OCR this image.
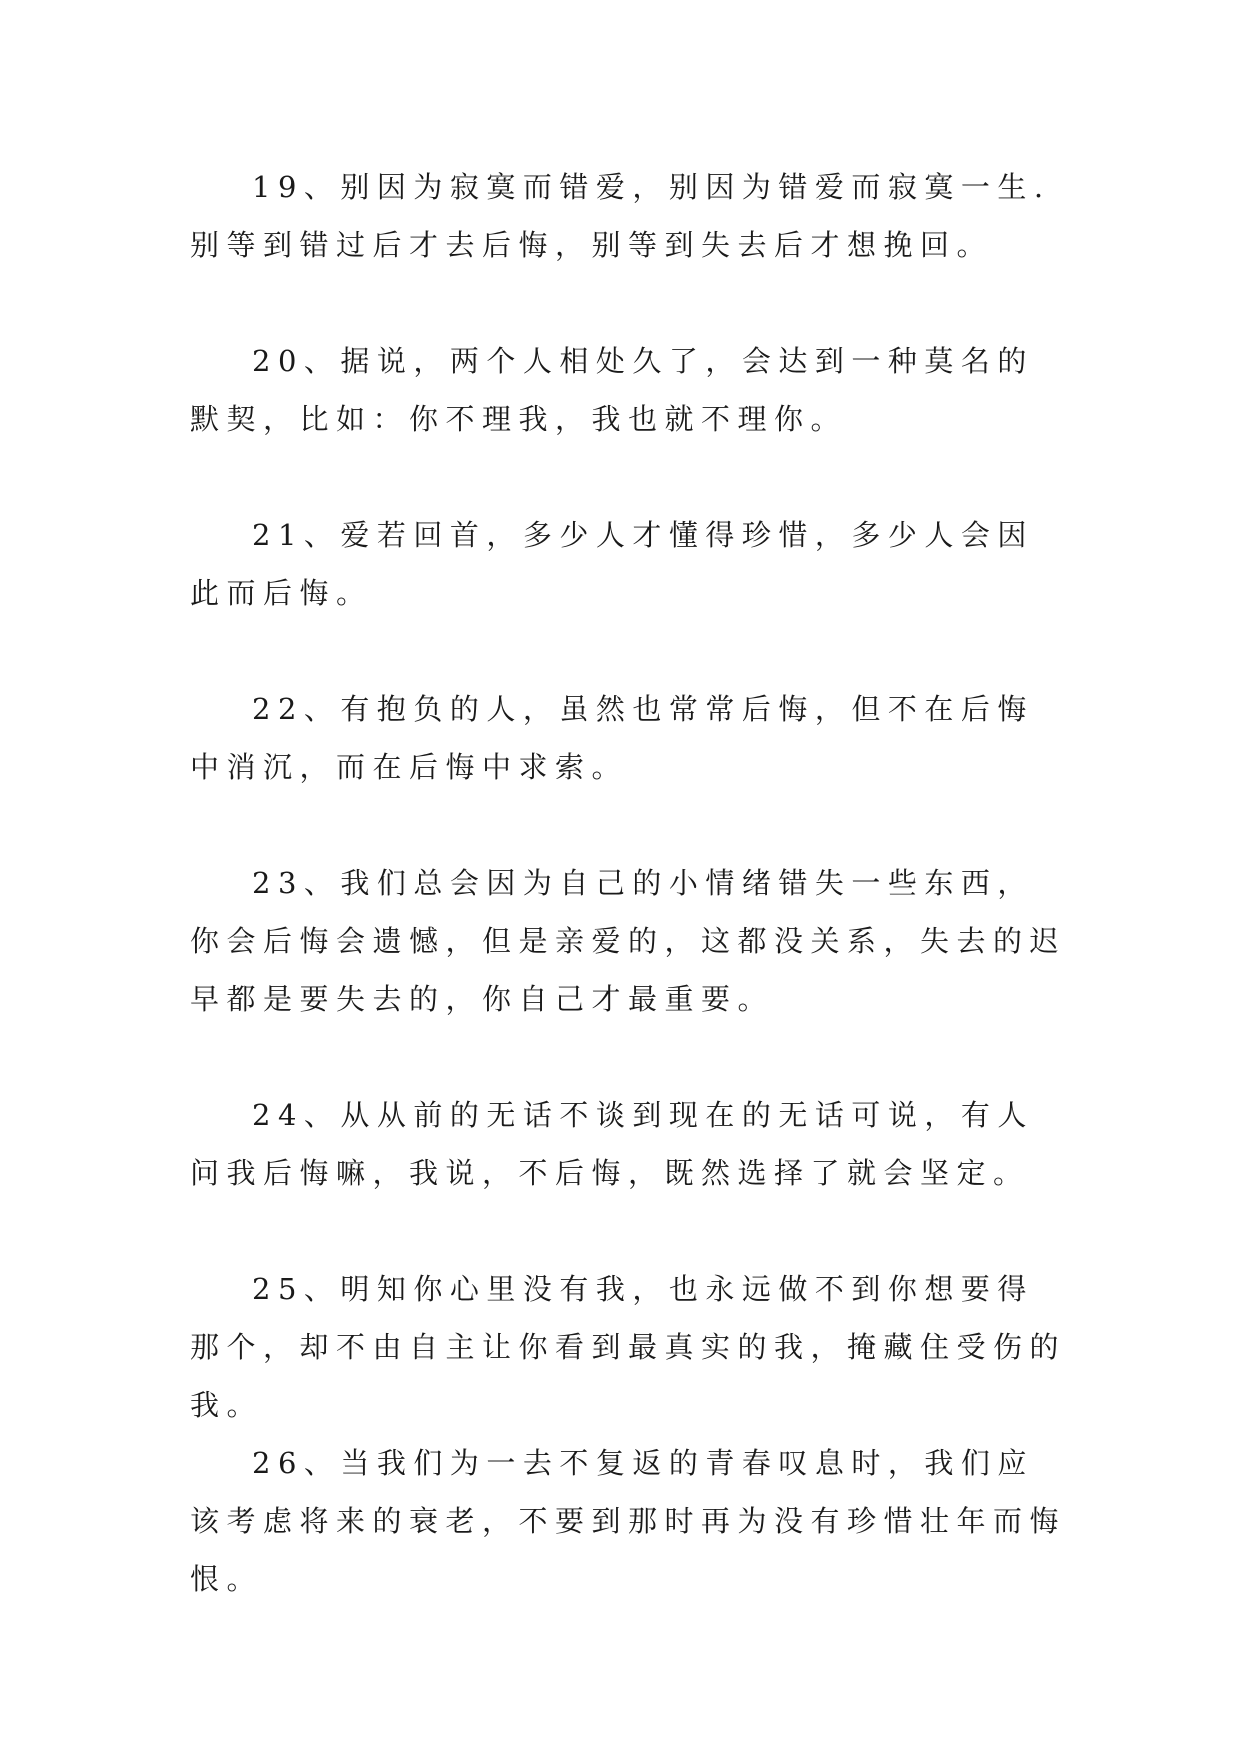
19、别因为寂寞而错爱，别因为错爱而寂寞一生.别等到错过后才去后悔，别等到失去后才想挽回。

20、据说，两个人相处久了，会达到一种莫名的默契，比如：你不理我，我也就不理你。

21、爱若回首，多少人才懂得珍惜，多少人会因此而后悔。

22、有抱负的人，虽然也常常后悔，但不在后悔中消沉，而在后悔中求索。

23、我们总会因为自己的小情绪错失一些东西，你会后悔会遗憾，但是亲爱的，这都没关系，失去的迟早都是要失去的，你自己才最重要。

24、从从前的无话不谈到现在的无话可说，有人问我后悔嘛，我说，不后悔，既然选择了就会坚定。

25、明知你心里没有我，也永远做不到你想要得那个，却不由自主让你看到最真实的我，掩藏住受伤的我。

26、当我们为一去不复返的青春叹息时，我们应该考虑将来的衰老，不要到那时再为没有珍惜壮年而悔恨。
